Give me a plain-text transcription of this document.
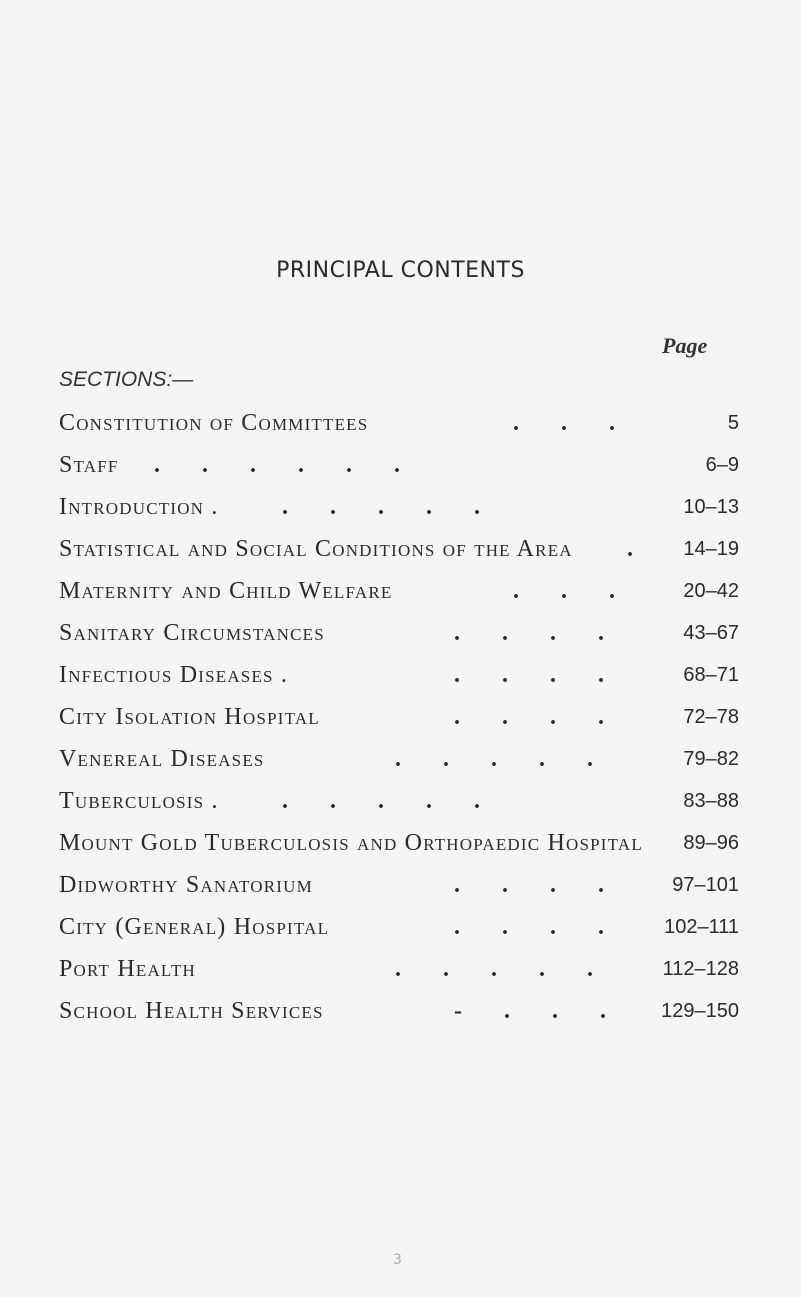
PRINCIPAL CONTENTS
Page
SECTIONS:—
Constitution of Committees	.       .       .	5
Staff .       .       .       .       .       .	6–9
Introduction .	.       .       .       .       .	10–13
Statistical and Social Conditions of the Area .	14–19
Maternity and Child Welfare	.       .       .	20–42
Sanitary Circumstances	.       .       .       .	43–67
Infectious Diseases .	.       .       .       .	68–71
City Isolation Hospital	.       .       .       .	72–78
Venereal Diseases	.       .       .       .       .	79–82
Tuberculosis .	.       .       .       .       .	83–88
Mount Gold Tuberculosis and Orthopaedic Hospital 89–96
Didworthy Sanatorium	.       .       .       .	97–101
City (General) Hospital	.       .       .       .	102–111
Port Health	.       .       .       .       .	112–128
School Health Services	-       .       .       .	129–150
3
